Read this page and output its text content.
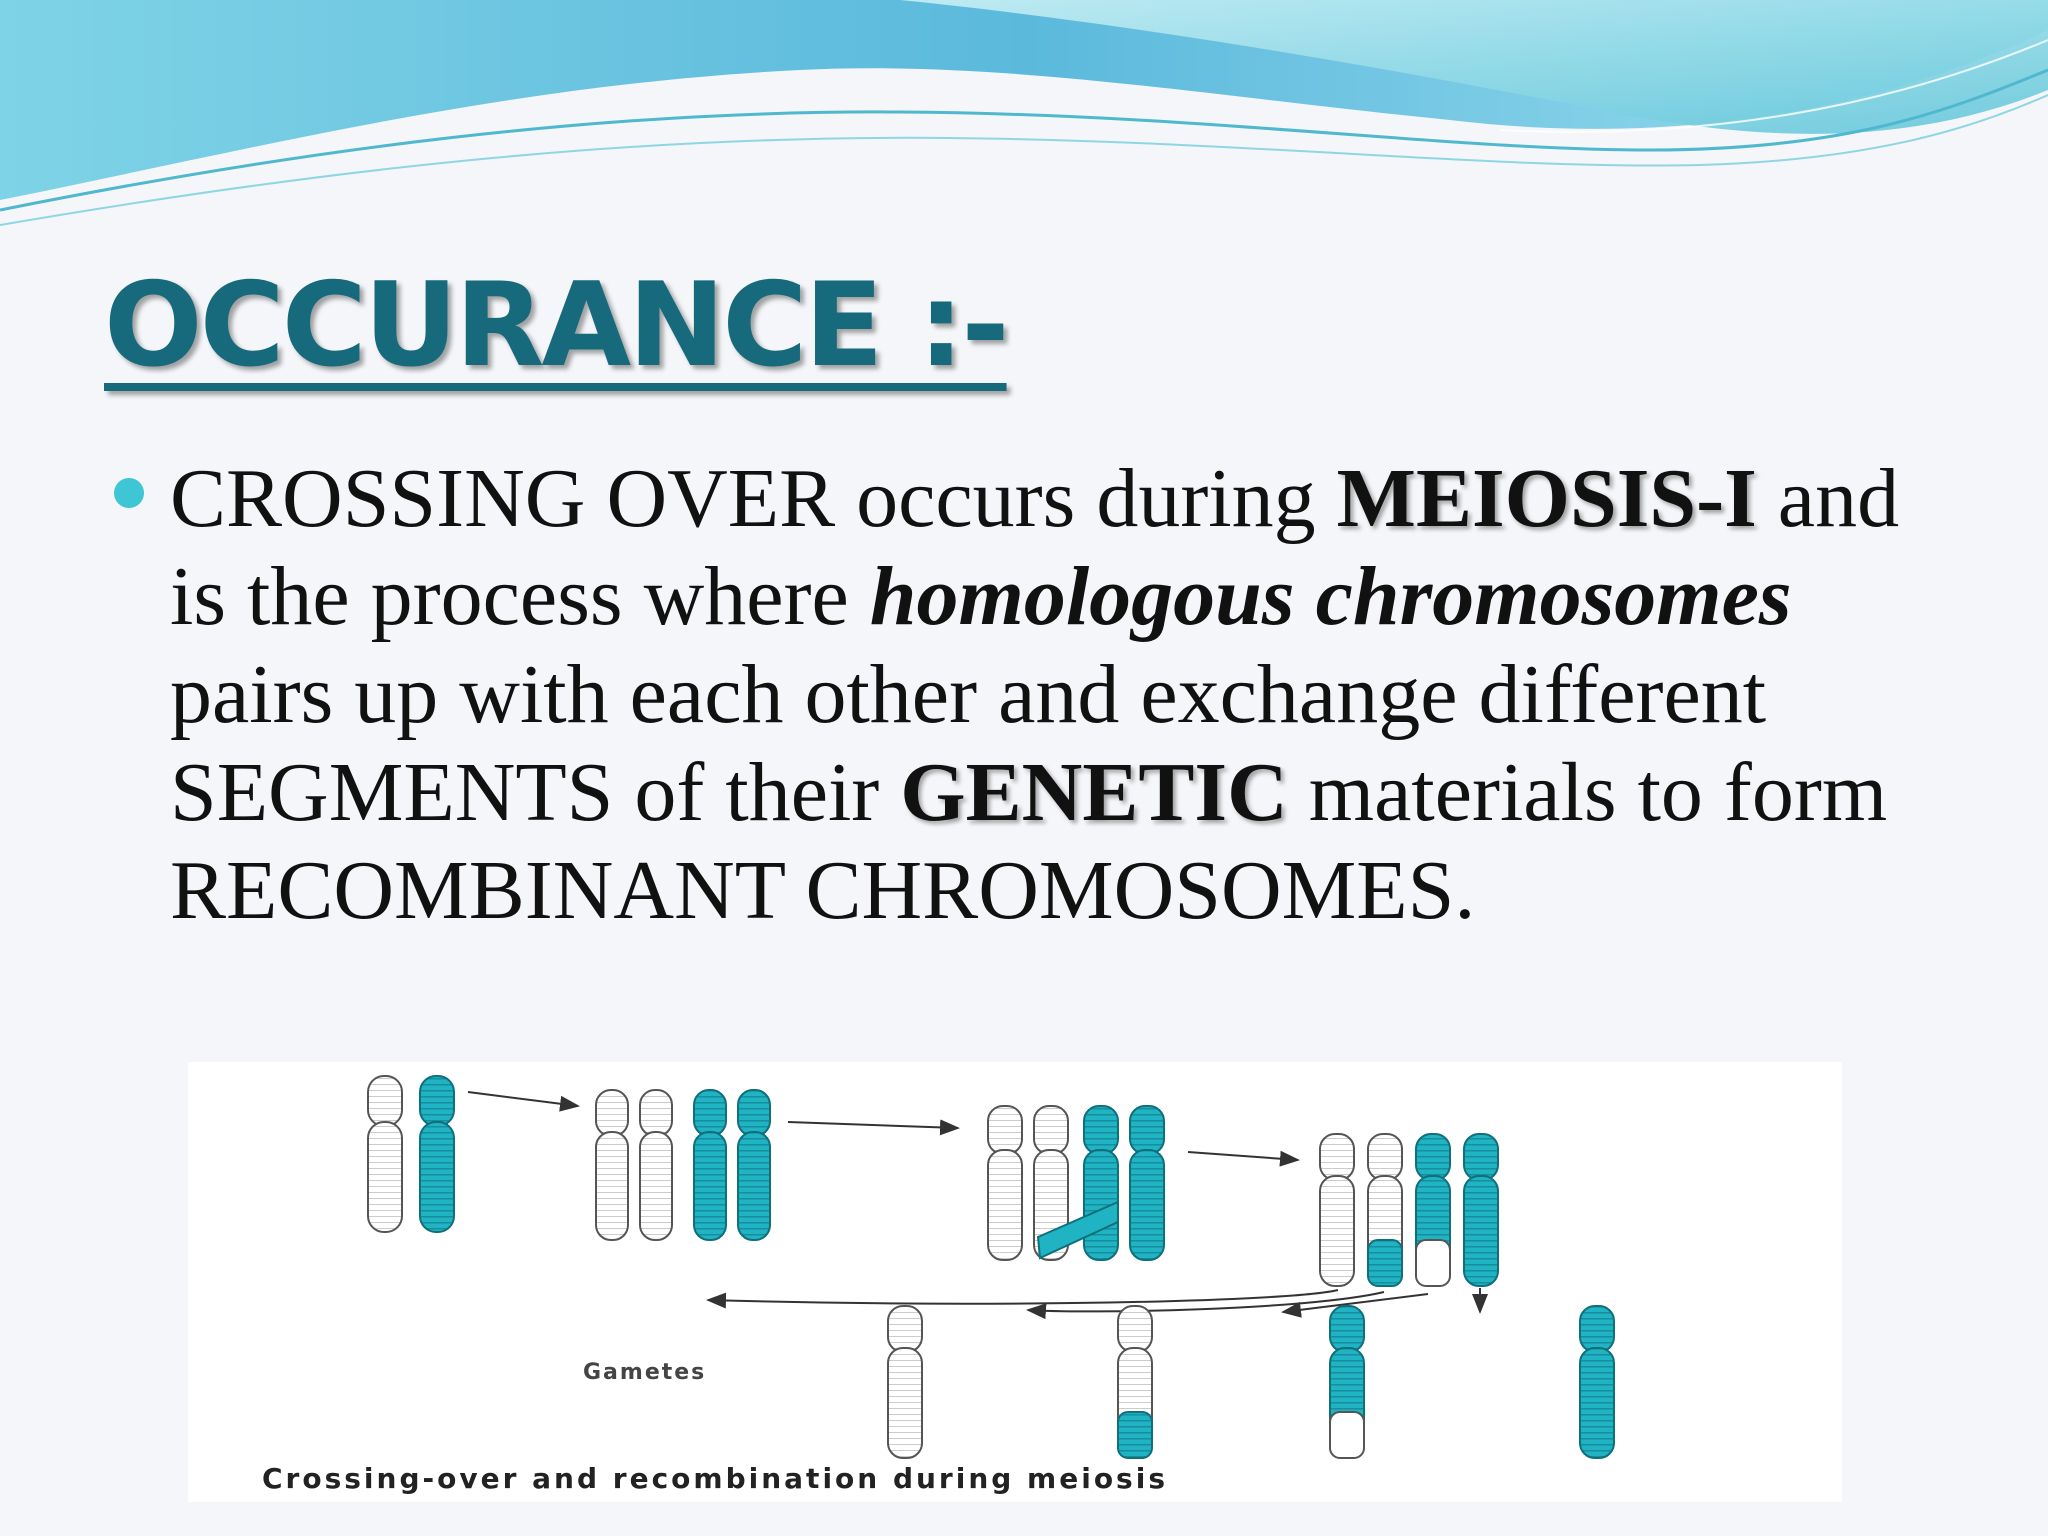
OCCURANCE :-

CROSSING OVER occurs during MEIOSIS-I and is the process where homologous chromosomes pairs up with each other and exchange different SEGMENTS of their GENETIC materials to form RECOMBINANT CHROMOSOMES.

Gametes
Crossing-over and recombination during meiosis
